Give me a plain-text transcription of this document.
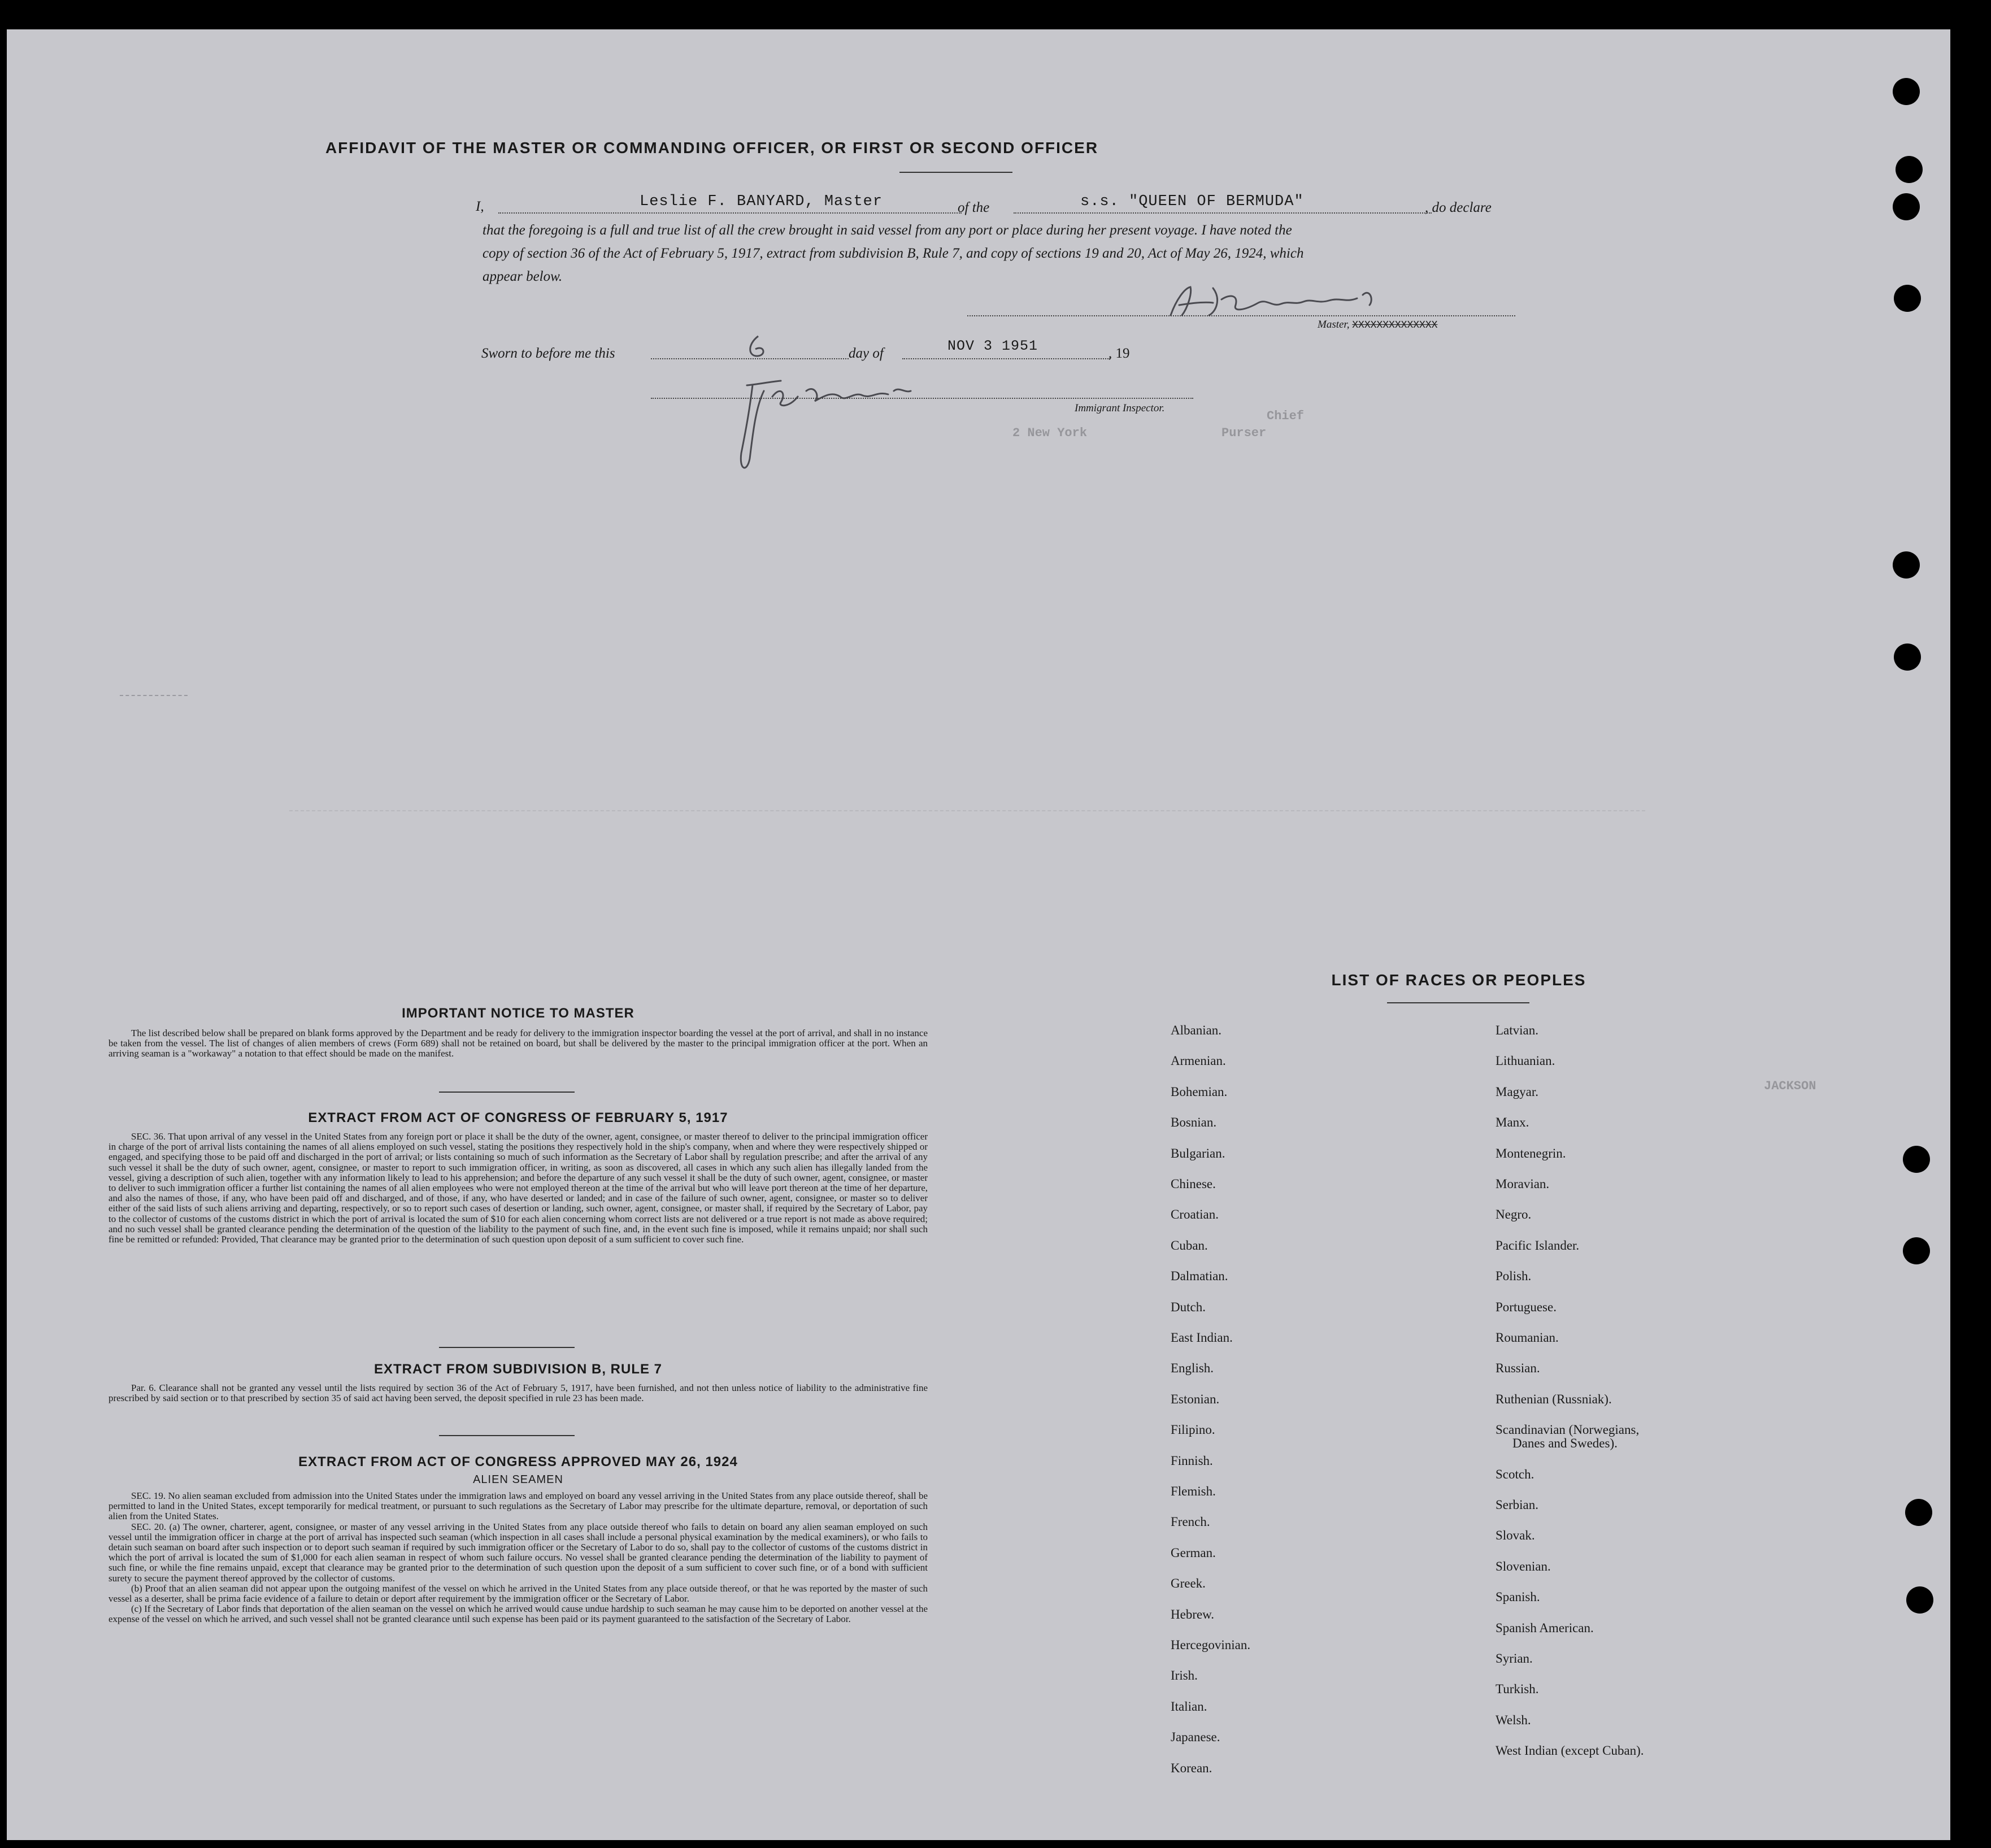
AFFIDAVIT OF THE MASTER OR COMMANDING OFFICER, OR FIRST OR SECOND OFFICER
I,	Leslie F. BANYARD, Master	of the	s.s. "QUEEN OF BERMUDA"	, do declare
that the foregoing is a full and true list of all the crew brought in said vessel from any port or place during her present voyage. I have noted the
copy of section 36 of the Act of February 5, 1917, extract from subdivision B, Rule 7, and copy of sections 19 and 20, Act of May 26, 1924, which
appear below.
Master, XXXXXXXXXXXXXX
Sworn to before me this	day of	NOV 3 1951	, 19
Immigrant Inspector.
Chief
Purser
2 New York
JACKSON
IMPORTANT NOTICE TO MASTER

The list described below shall be prepared on blank forms approved by the Department and be ready for delivery to the immigration inspector boarding the vessel at the port of arrival, and shall in no instance be taken from the vessel. The list of changes of alien members of crews (Form 689) shall not be retained on board, but shall be delivered by the master to the principal immigration officer at the port. When an arriving seaman is a "workaway" a notation to that effect should be made on the manifest.

EXTRACT FROM ACT OF CONGRESS OF FEBRUARY 5, 1917

SEC. 36. That upon arrival of any vessel in the United States from any foreign port or place it shall be the duty of the owner, agent, consignee, or master thereof to deliver to the principal immigration officer in charge of the port of arrival lists containing the names of all aliens employed on such vessel, stating the positions they respectively hold in the ship's company, when and where they were respectively shipped or engaged, and specifying those to be paid off and discharged in the port of arrival; or lists containing so much of such information as the Secretary of Labor shall by regulation prescribe; and after the arrival of any such vessel it shall be the duty of such owner, agent, consignee, or master to report to such immigration officer, in writing, as soon as discovered, all cases in which any such alien has illegally landed from the vessel, giving a description of such alien, together with any information likely to lead to his apprehension; and before the departure of any such vessel it shall be the duty of such owner, agent, consignee, or master to deliver to such immigration officer a further list containing the names of all alien employees who were not employed thereon at the time of the arrival but who will leave port thereon at the time of her departure, and also the names of those, if any, who have been paid off and discharged, and of those, if any, who have deserted or landed; and in case of the failure of such owner, agent, consignee, or master so to deliver either of the said lists of such aliens arriving and departing, respectively, or so to report such cases of desertion or landing, such owner, agent, consignee, or master shall, if required by the Secretary of Labor, pay to the collector of customs of the customs district in which the port of arrival is located the sum of $10 for each alien concerning whom correct lists are not delivered or a true report is not made as above required; and no such vessel shall be granted clearance pending the determination of the question of the liability to the payment of such fine, and, in the event such fine is imposed, while it remains unpaid; nor shall such fine be remitted or refunded: Provided, That clearance may be granted prior to the determination of such question upon deposit of a sum sufficient to cover such fine.

EXTRACT FROM SUBDIVISION B, RULE 7

Par. 6. Clearance shall not be granted any vessel until the lists required by section 36 of the Act of February 5, 1917, have been furnished, and not then unless notice of liability to the administrative fine prescribed by said section or to that prescribed by section 35 of said act having been served, the deposit specified in rule 23 has been made.

EXTRACT FROM ACT OF CONGRESS APPROVED MAY 26, 1924
ALIEN SEAMEN

SEC. 19. No alien seaman excluded from admission into the United States under the immigration laws and employed on board any vessel arriving in the United States from any place outside thereof, shall be permitted to land in the United States, except temporarily for medical treatment, or pursuant to such regulations as the Secretary of Labor may prescribe for the ultimate departure, removal, or deportation of such alien from the United States.

SEC. 20. (a) The owner, charterer, agent, consignee, or master of any vessel arriving in the United States from any place outside thereof who fails to detain on board any alien seaman employed on such vessel until the immigration officer in charge at the port of arrival has inspected such seaman (which inspection in all cases shall include a personal physical examination by the medical examiners), or who fails to detain such seaman on board after such inspection or to deport such seaman if required by such immigration officer or the Secretary of Labor to do so, shall pay to the collector of customs of the customs district in which the port of arrival is located the sum of $1,000 for each alien seaman in respect of whom such failure occurs. No vessel shall be granted clearance pending the determination of the liability to payment of such fine, or while the fine remains unpaid, except that clearance may be granted prior to the determination of such question upon the deposit of a sum sufficient to cover such fine, or of a bond with sufficient surety to secure the payment thereof approved by the collector of customs.

(b) Proof that an alien seaman did not appear upon the outgoing manifest of the vessel on which he arrived in the United States from any place outside thereof, or that he was reported by the master of such vessel as a deserter, shall be prima facie evidence of a failure to detain or deport after requirement by the immigration officer or the Secretary of Labor.

(c) If the Secretary of Labor finds that deportation of the alien seaman on the vessel on which he arrived would cause undue hardship to such seaman he may cause him to be deported on another vessel at the expense of the vessel on which he arrived, and such vessel shall not be granted clearance until such expense has been paid or its payment guaranteed to the satisfaction of the Secretary of Labor.

LIST OF RACES OR PEOPLES
Albanian.
Armenian.
Bohemian.
Bosnian.
Bulgarian.
Chinese.
Croatian.
Cuban.
Dalmatian.
Dutch.
East Indian.
English.
Estonian.
Filipino.
Finnish.
Flemish.
French.
German.
Greek.
Hebrew.
Hercegovinian.
Irish.
Italian.
Japanese.
Korean.
Latvian.
Lithuanian.
Magyar.
Manx.
Montenegrin.
Moravian.
Negro.
Pacific Islander.
Polish.
Portuguese.
Roumanian.
Russian.
Ruthenian (Russniak).
Scandinavian (Norwegians,
Danes and Swedes).
Scotch.
Serbian.
Slovak.
Slovenian.
Spanish.
Spanish American.
Syrian.
Turkish.
Welsh.
West Indian (except Cuban).
